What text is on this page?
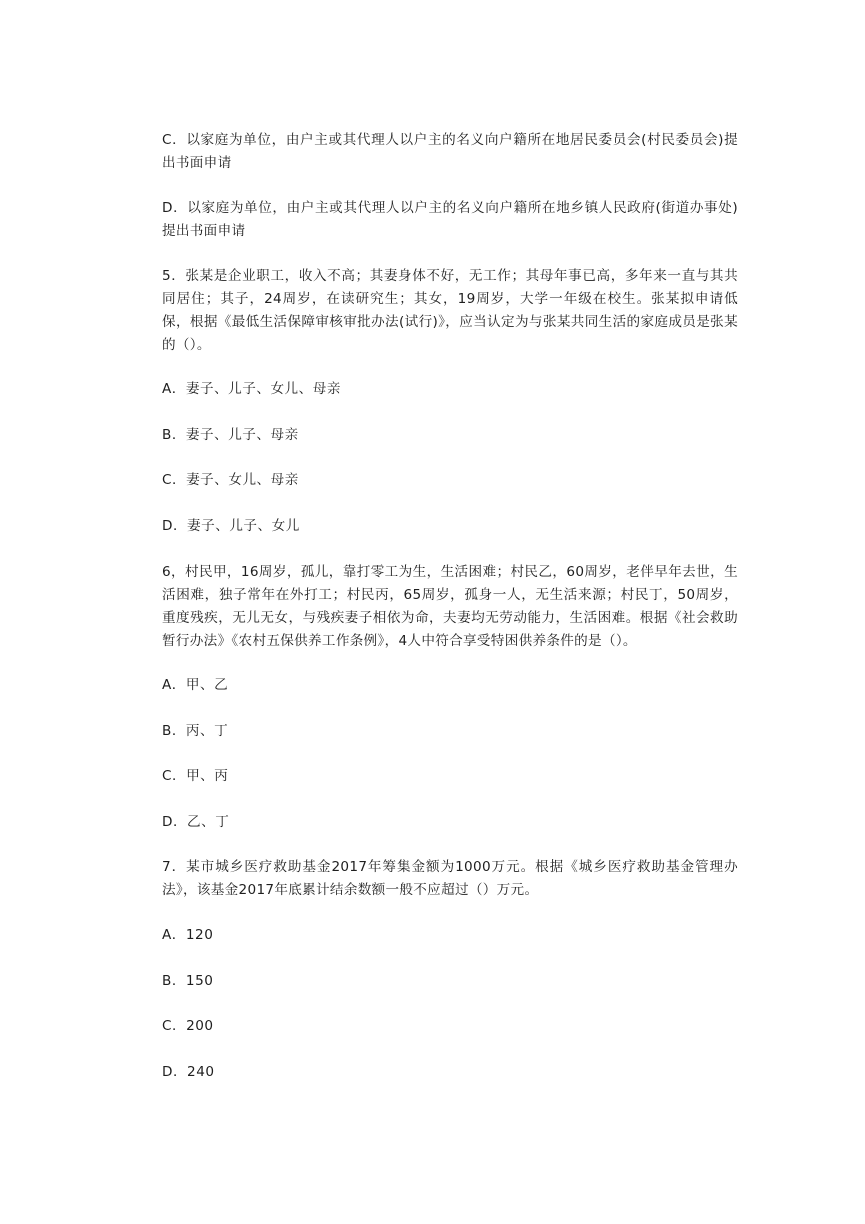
C．以家庭为单位，由户主或其代理人以户主的名义向户籍所在地居民委员会(村民委员会)提出书面申请
D．以家庭为单位，由户主或其代理人以户主的名义向户籍所在地乡镇人民政府(街道办事处)提出书面申请
5．张某是企业职工，收入不高；其妻身体不好，无工作；其母年事已高，多年来一直与其共同居住；其子，24周岁，在读研究生；其女，19周岁，大学一年级在校生。张某拟申请低保，根据《最低生活保障审核审批办法(试行)》，应当认定为与张某共同生活的家庭成员是张某的（）。
A．妻子、儿子、女儿、母亲
B．妻子、儿子、母亲
C．妻子、女儿、母亲
D．妻子、儿子、女儿
6，村民甲，16周岁，孤儿，靠打零工为生，生活困难；村民乙，60周岁，老伴早年去世，生活困难，独子常年在外打工；村民丙，65周岁，孤身一人，无生活来源；村民丁，50周岁，重度残疾，无儿无女，与残疾妻子相依为命，夫妻均无劳动能力，生活困难。根据《社会救助暂行办法》《农村五保供养工作条例》，4人中符合享受特困供养条件的是（）。
A．甲、乙
B．丙、丁
C．甲、丙
D．乙、丁
7．某市城乡医疗救助基金2017年筹集金额为1000万元。根据《城乡医疗救助基金管理办法》，该基金2017年底累计结余数额一般不应超过（）万元。
A．120
B．150
C．200
D．240
